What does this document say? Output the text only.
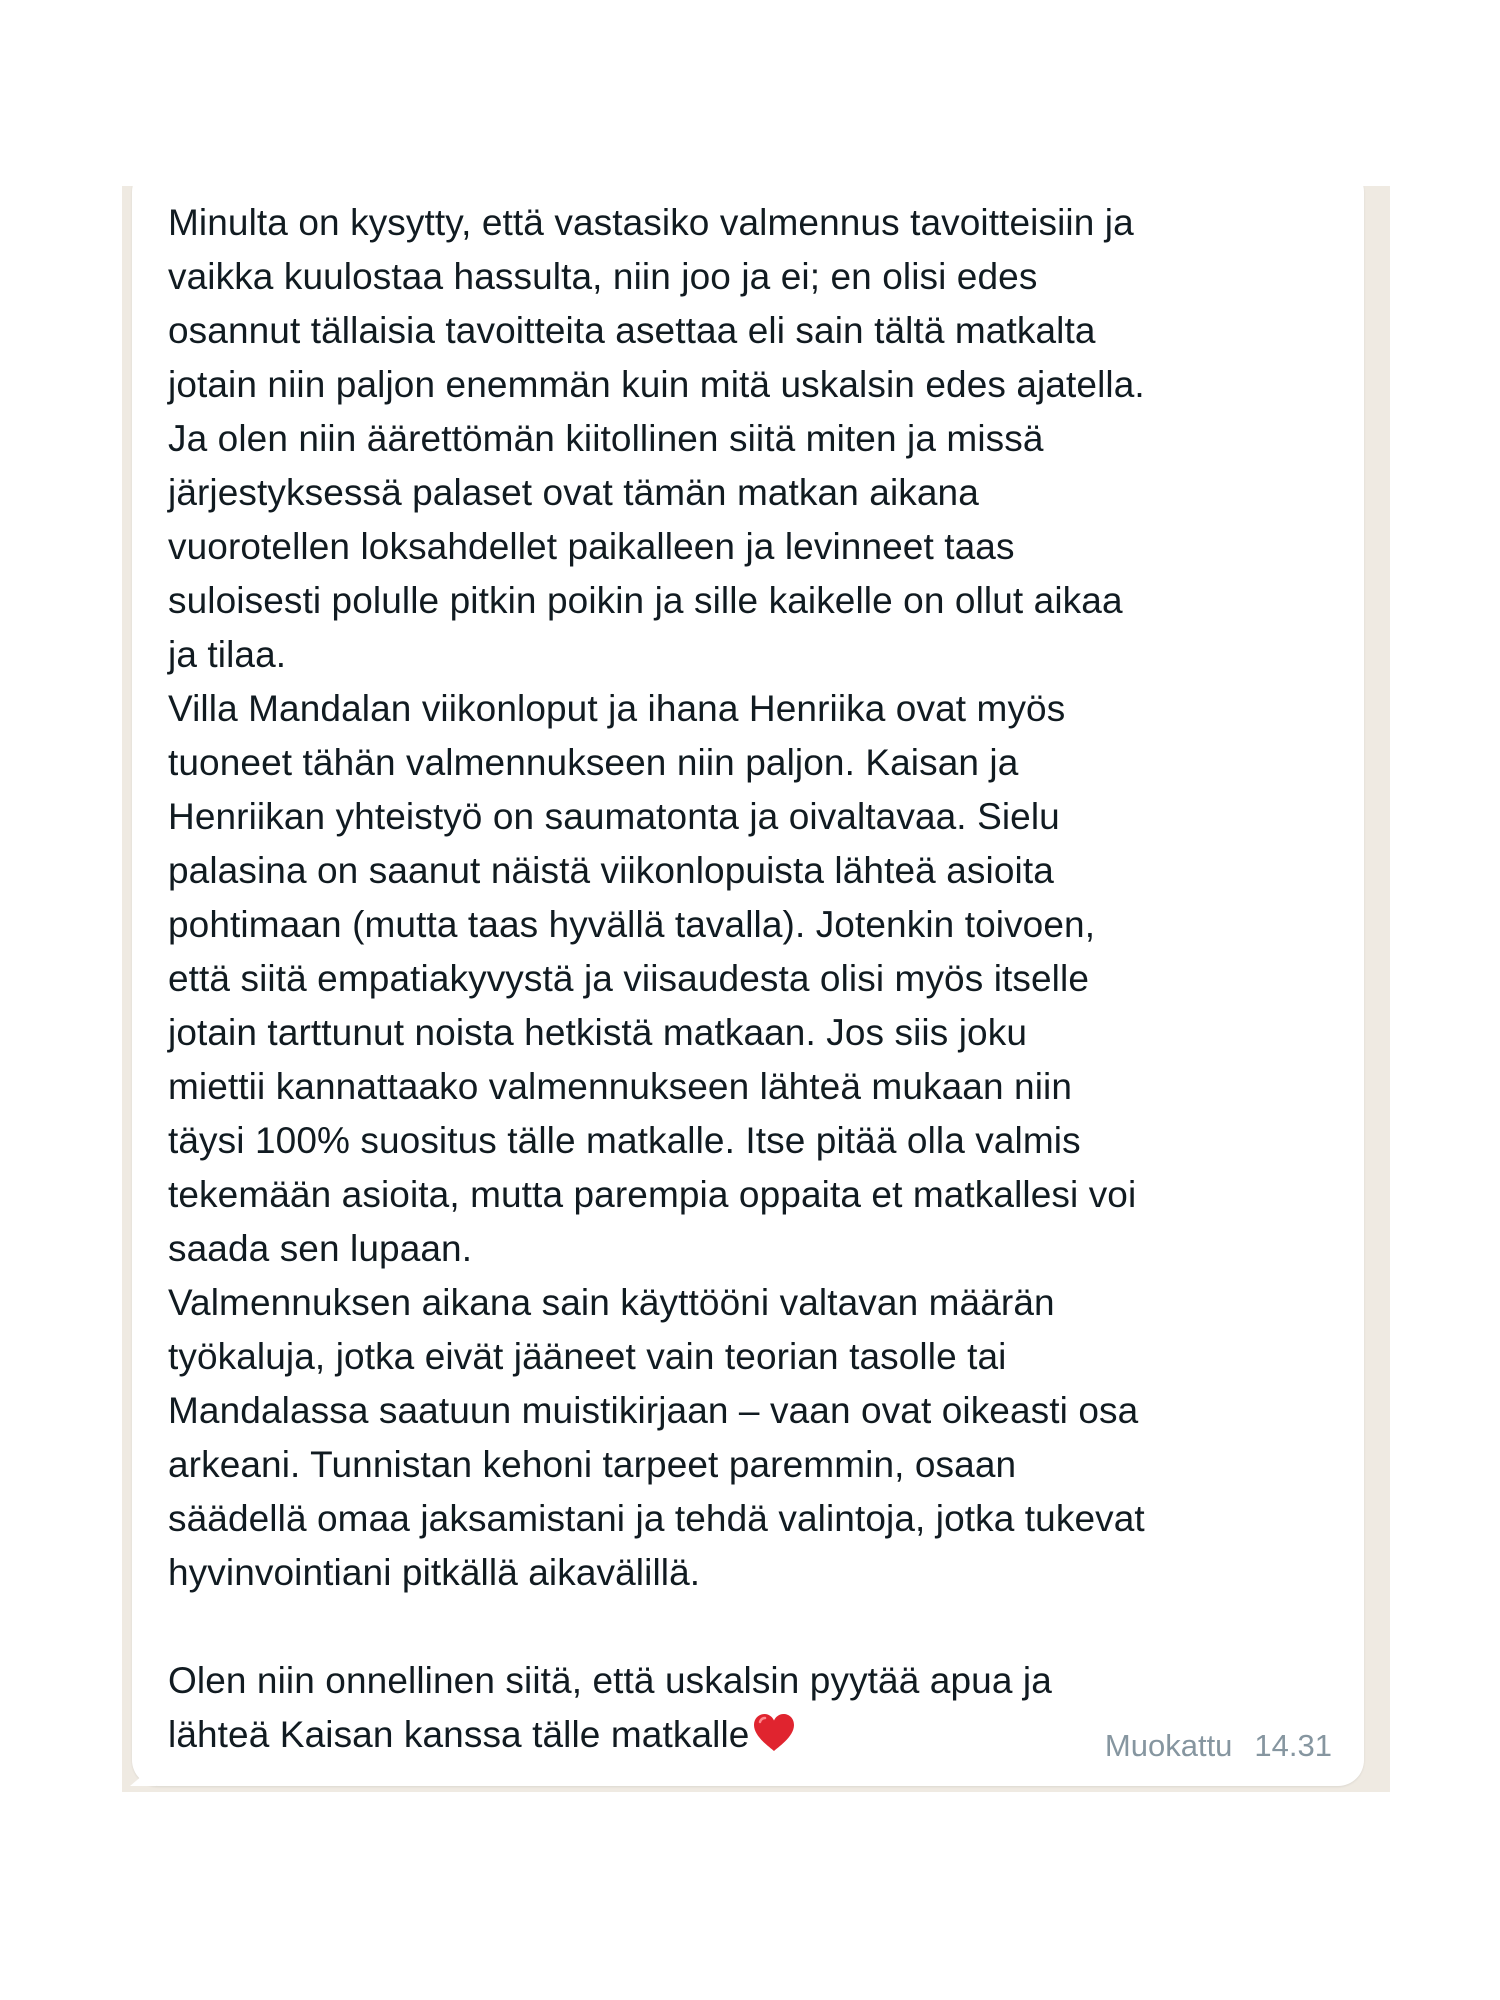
Minulta on kysytty, että vastasiko valmennus tavoitteisiin ja
vaikka kuulostaa hassulta, niin joo ja ei; en olisi edes
osannut tällaisia tavoitteita asettaa eli sain tältä matkalta
jotain niin paljon enemmän kuin mitä uskalsin edes ajatella.
Ja olen niin äärettömän kiitollinen siitä miten ja missä
järjestyksessä palaset ovat tämän matkan aikana
vuorotellen loksahdellet paikalleen ja levinneet taas
suloisesti polulle pitkin poikin ja sille kaikelle on ollut aikaa
ja tilaa.

Villa Mandalan viikonloput ja ihana Henriika ovat myös
tuoneet tähän valmennukseen niin paljon. Kaisan ja
Henriikan yhteistyö on saumatonta ja oivaltavaa. Sielu
palasina on saanut näistä viikonlopuista lähteä asioita
pohtimaan (mutta taas hyvällä tavalla). Jotenkin toivoen,
että siitä empatiakyvystä ja viisaudesta olisi myös itselle
jotain tarttunut noista hetkistä matkaan. Jos siis joku
miettii kannattaako valmennukseen lähteä mukaan niin
täysi 100% suositus tälle matkalle. Itse pitää olla valmis
tekemään asioita, mutta parempia oppaita et matkallesi voi
saada sen lupaan.

Valmennuksen aikana sain käyttööni valtavan määrän
työkaluja, jotka eivät jääneet vain teorian tasolle tai
Mandalassa saatuun muistikirjaan – vaan ovat oikeasti osa
arkeani. Tunnistan kehoni tarpeet paremmin, osaan
säädellä omaa jaksamistani ja tehdä valintoja, jotka tukevat
hyvinvointiani pitkällä aikavälillä.

Olen niin onnellinen siitä, että uskalsin pyytää apua ja
lähteä Kaisan kanssa tälle matkalle	Muokattu 14.31
